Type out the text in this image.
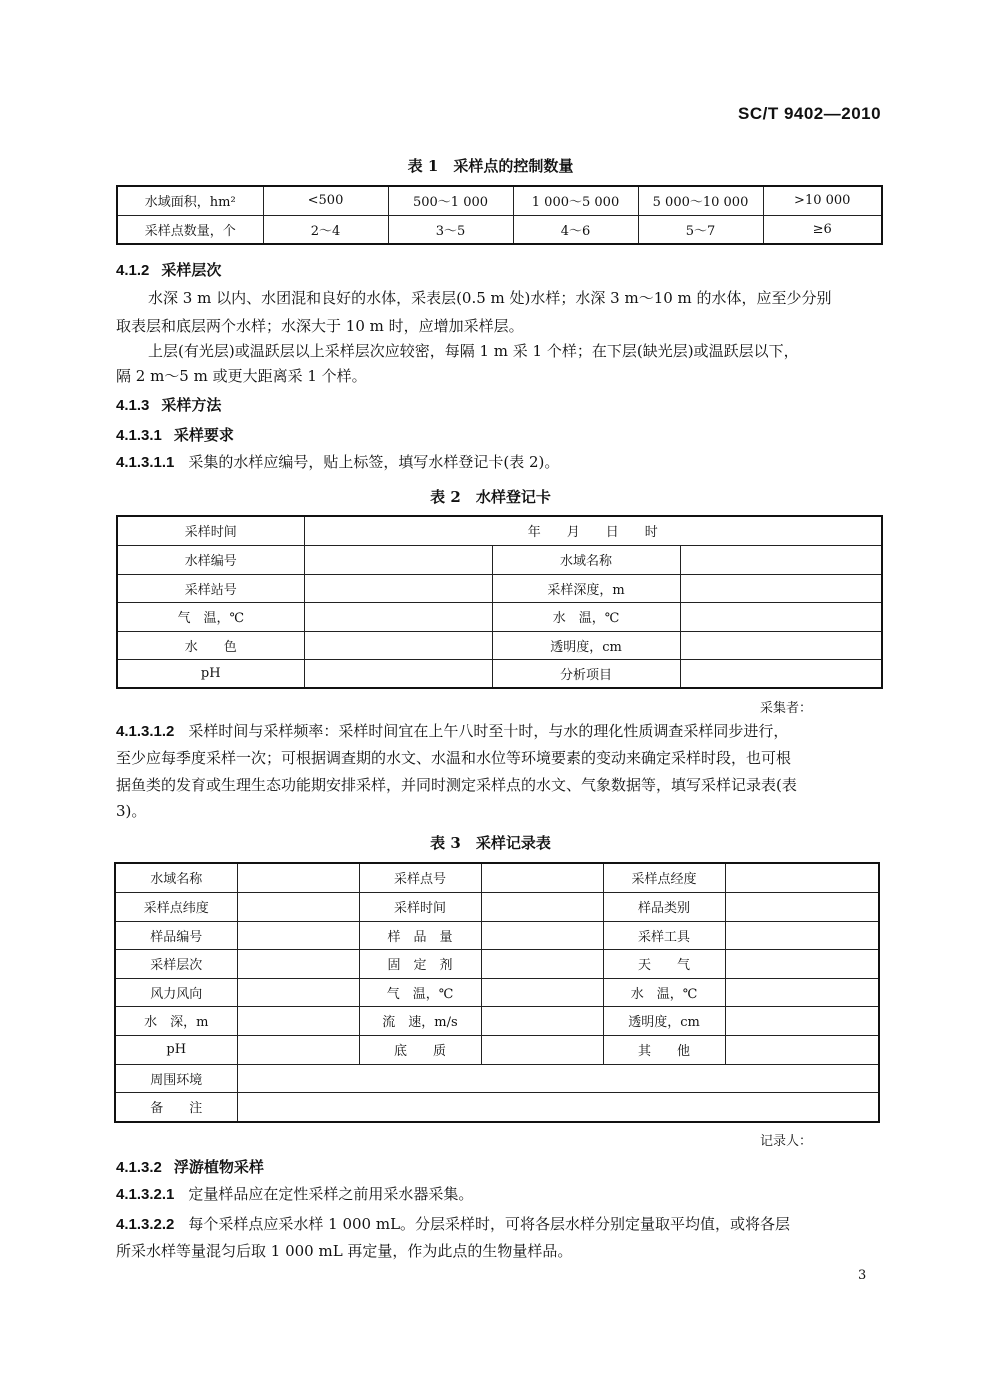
SC/T 9402—2010
表 1　采样点的控制数量
水域面积，hm²	<500	500～1 000	1 000～5 000	5 000～10 000	>10 000
采样点数量，个	2～4	3～5	4～6	5～7	≥6
4.1.2 采样层次
水深 3 m 以内、水团混和良好的水体，采表层(0.5 m 处)水样；水深 3 m～10 m 的水体，应至少分别
取表层和底层两个水样；水深大于 10 m 时，应增加采样层。
上层(有光层)或温跃层以上采样层次应较密，每隔 1 m 采 1 个样；在下层(缺光层)或温跃层以下，
隔 2 m～5 m 或更大距离采 1 个样。
4.1.3 采样方法
4.1.3.1 采样要求
4.1.3.1.1 采集的水样应编号，贴上标签，填写水样登记卡(表 2)。
表 2　水样登记卡
采样时间	年　　月　　日　　时		
水样编号		水域名称	
采样站号		采样深度，m	
气　温，℃		水　温，℃	
水　　色		透明度，cm	
pH		分析项目	
采集者：
4.1.3.1.2 采样时间与采样频率：采样时间宜在上午八时至十时，与水的理化性质调查采样同步进行，
至少应每季度采样一次；可根据调查期的水文、水温和水位等环境要素的变动来确定采样时段，也可根
据鱼类的发育或生理生态功能期安排采样，并同时测定采样点的水文、气象数据等，填写采样记录表(表
3)。
表 3　采样记录表
水域名称		采样点号		采样点经度	
采样点纬度		采样时间		样品类别	
样品编号		样　品　量		采样工具	
采样层次		固　定　剂		天　　气	
风力风向		气　温，℃		水　温，℃	
水　深，m		流　速，m/s		透明度，cm	
pH		底　　质		其　　他	
周围环境					
备　　注					
记录人：
4.1.3.2 浮游植物采样
4.1.3.2.1 定量样品应在定性采样之前用采水器采集。
4.1.3.2.2 每个采样点应采水样 1 000 mL。分层采样时，可将各层水样分别定量取平均值，或将各层
所采水样等量混匀后取 1 000 mL 再定量，作为此点的生物量样品。
3
